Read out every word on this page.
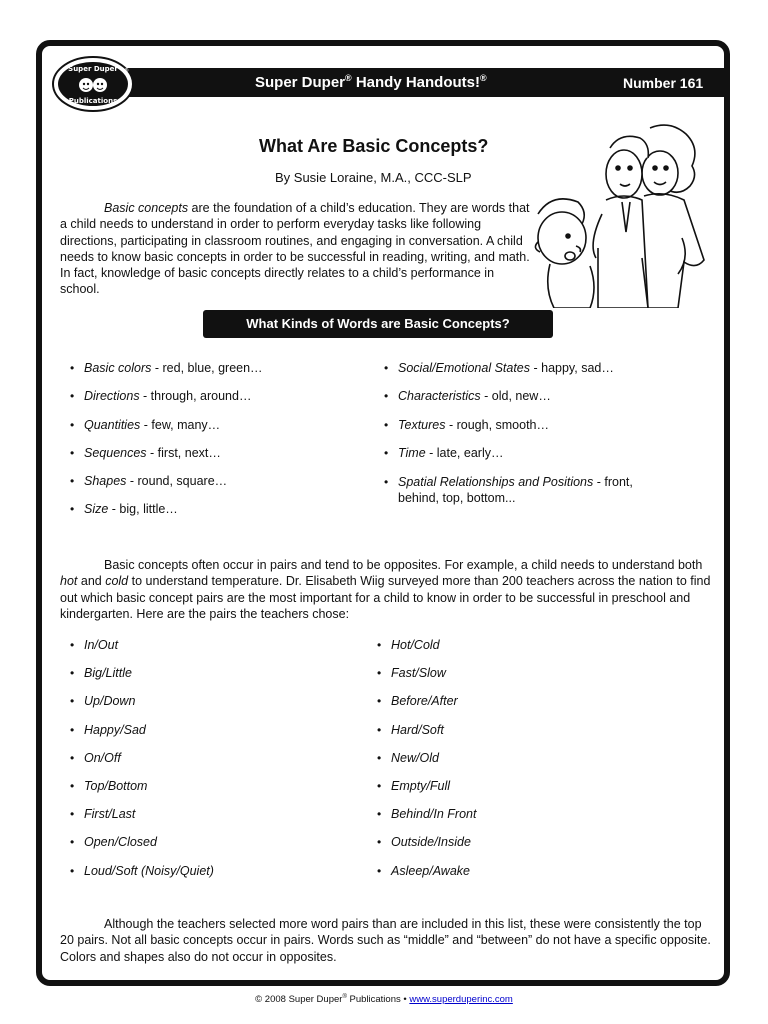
Super Duper
Publications
®
Super Duper® Handy Handouts!®	Number 161
What Are Basic Concepts?
By Susie Loraine, M.A., CCC-SLP
Basic concepts are the foundation of a child’s education. They are words that a child needs to understand in order to perform everyday tasks like following directions, participating in classroom routines, and engaging in conversation. A child needs to know basic concepts in order to be successful in reading, writing, and math. In fact, knowledge of basic concepts directly relates to a child’s performance in school.
What Kinds of Words are Basic Concepts?
• Basic colors - red, blue, green…
• Directions - through, around…
• Quantities - few, many…
• Sequences - first, next…
• Shapes - round, square…
• Size - big, little…
• Social/Emotional States - happy, sad…
• Characteristics - old, new…
• Textures - rough, smooth…
• Time - late, early…
• Spatial Relationships and Positions - front, behind, top, bottom...
Basic concepts often occur in pairs and tend to be opposites. For example, a child needs to understand both hot and cold to understand temperature. Dr. Elisabeth Wiig surveyed more than 200 teachers across the nation to find out which basic concept pairs are the most important for a child to know in order to be successful in preschool and kindergarten. Here are the pairs the teachers chose:
• In/Out
• Big/Little
• Up/Down
• Happy/Sad
• On/Off
• Top/Bottom
• First/Last
• Open/Closed
• Loud/Soft (Noisy/Quiet)
• Hot/Cold
• Fast/Slow
• Before/After
• Hard/Soft
• New/Old
• Empty/Full
• Behind/In Front
• Outside/Inside
• Asleep/Awake
Although the teachers selected more word pairs than are included in this list, these were consistently the top 20 pairs. Not all basic concepts occur in pairs. Words such as “middle” and “between” do not have a specific opposite. Colors and shapes also do not occur in opposites.
© 2008 Super Duper® Publications • www.superduperinc.com
